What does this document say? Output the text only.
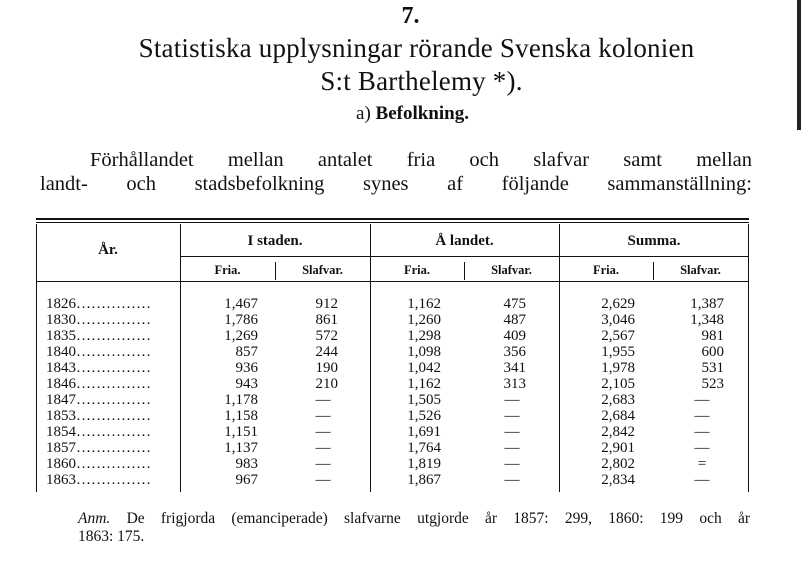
7.
Statistiska upplysningar rörande Svenska kolonien
S:t Barthelemy *).
a) Befolkning.
Förhållandet mellan antalet fria och slafvar samt mellan
landt- och stadsbefolkning synes af följande sammanställning:
År.
I staden.	Å landet.	Summa.
Fria.	Slafvar.	Fria.	Slafvar.	Fria.	Slafvar.
1826……………	1,467	912	1,162	475	2,629	1,387
1830……………	1,786	861	1,260	487	3,046	1,348
1835……………	1,269	572	1,298	409	2,567	981
1840……………	857	244	1,098	356	1,955	600
1843……………	936	190	1,042	341	1,978	531
1846……………	943	210	1,162	313	2,105	523
1847……………	1,178	—	1,505	—	2,683	—
1853……………	1,158	—	1,526	—	2,684	—
1854……………	1,151	—	1,691	—	2,842	—
1857……………	1,137	—	1,764	—	2,901	—
1860……………	983	—	1,819	—	2,802	=
1863……………	967	—	1,867	—	2,834	—
Anm. De frigjorda (emanciperade) slafvarne utgjorde år 1857: 299, 1860: 199 och år
1863: 175.
